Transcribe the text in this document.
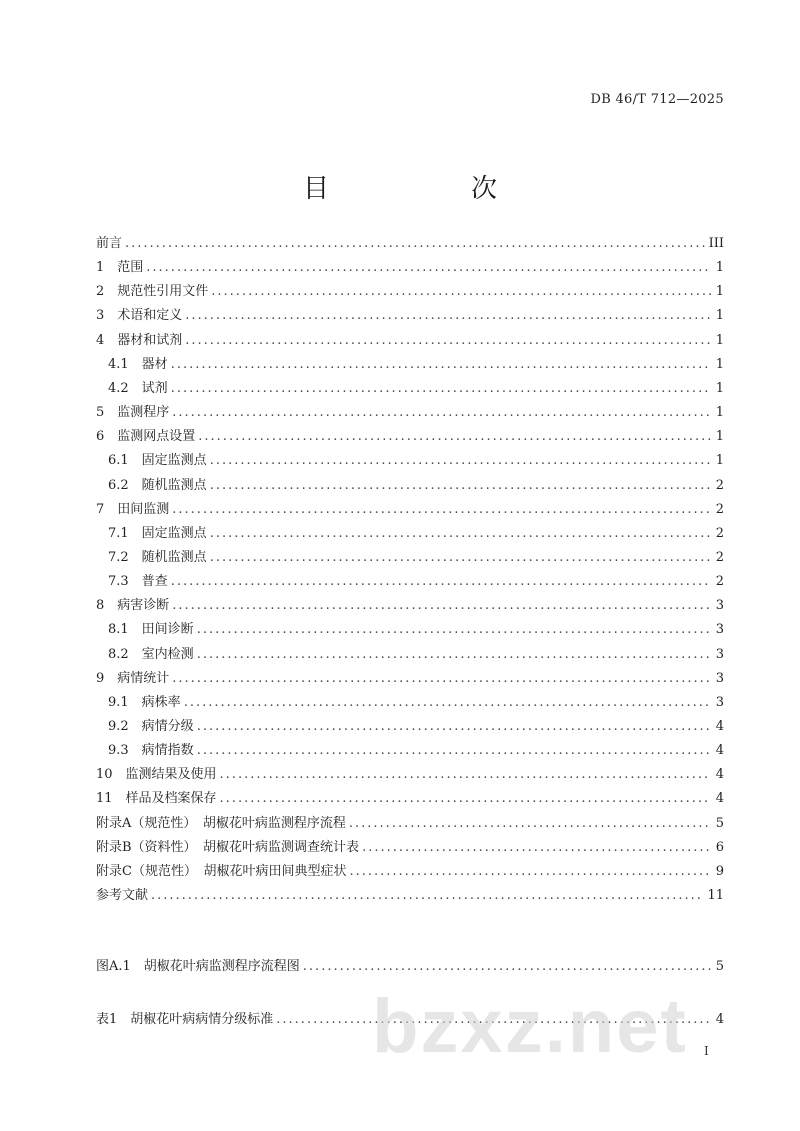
DB 46/T 712—2025
目　　次
前言 .....	III
1　范围 .....	1
2　规范性引用文件 .....	1
3　术语和定义 .....	1
4　器材和试剂 .....	1
4.1　器材 .....	1
4.2　试剂 .....	1
5　监测程序 .....	1
6　监测网点设置 .....	1
6.1　固定监测点 .....	1
6.2　随机监测点 .....	2
7　田间监测 .....	2
7.1　固定监测点 .....	2
7.2　随机监测点 .....	2
7.3　普查 .....	2
8　病害诊断 .....	3
8.1　田间诊断 .....	3
8.2　室内检测 .....	3
9　病情统计 .....	3
9.1　病株率 .....	3
9.2　病情分级 .....	4
9.3　病情指数 .....	4
10　监测结果及使用 .....	4
11　样品及档案保存 .....	4
附录A（规范性）　胡椒花叶病监测程序流程 .....	5
附录B（资料性）　胡椒花叶病监测调查统计表 .....	6
附录C（规范性）　胡椒花叶病田间典型症状 .....	9
参考文献 .....	11
图A.1　胡椒花叶病监测程序流程图 .....	5
表1　胡椒花叶病病情分级标准 .....	4
I
bzxz.net
